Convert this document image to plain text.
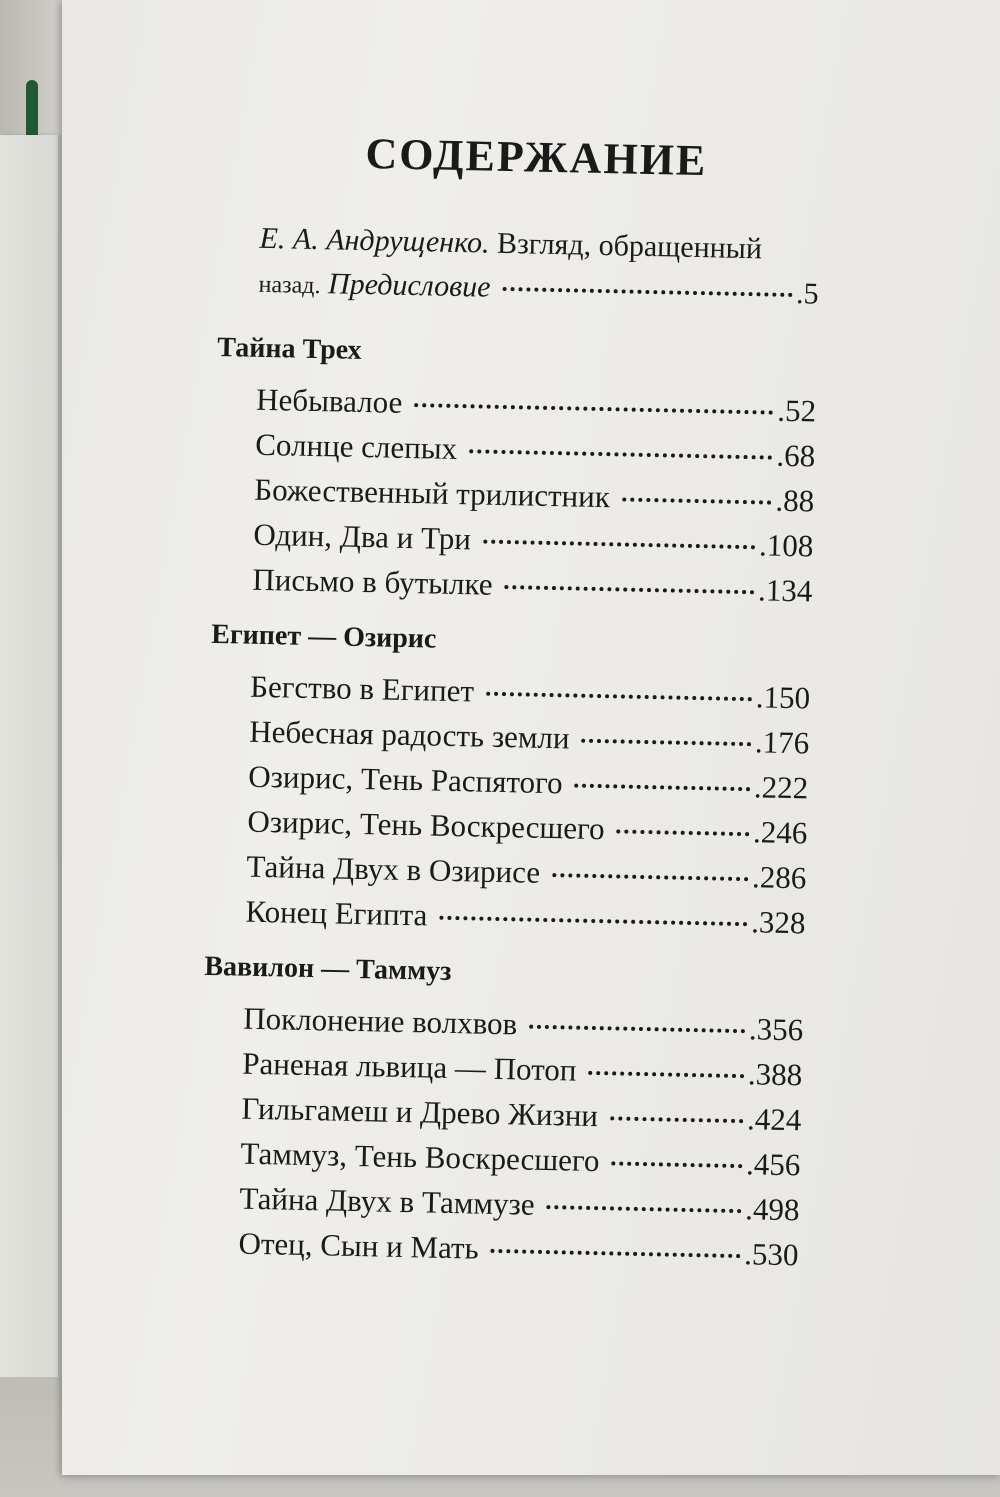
СОДЕРЖАНИЕ
Е. А. Андрущенко.
Взгляд, обращенный
назад.
Предисловие	. 5
Тайна Трех
Небывалое	. 52
Солнце слепых	. 68
Божественный трилистник	. 88
Один, Два и Три	. 108
Письмо в бутылке	. 134
Египет — Озирис
Бегство в Египет	. 150
Небесная радость земли	. 176
Озирис, Тень Распятого	. 222
Озирис, Тень Воскресшего	. 246
Тайна Двух в Озирисе	. 286
Конец Египта	. 328
Вавилон — Таммуз
Поклонение волхвов	. 356
Раненая львица — Потоп	. 388
Гильгамеш и Древо Жизни	. 424
Таммуз, Тень Воскресшего	. 456
Тайна Двух в Таммузе	. 498
Отец, Сын и Мать	. 530
